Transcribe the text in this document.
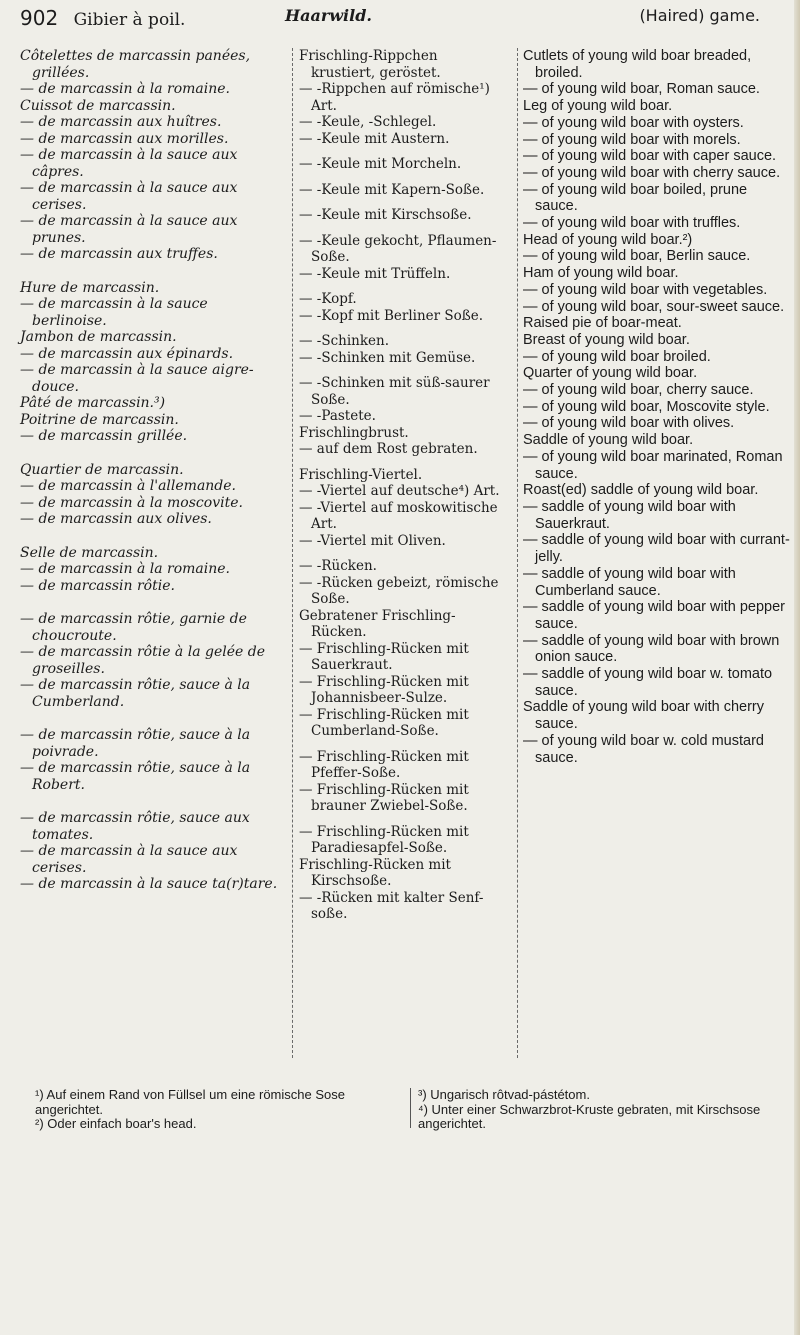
902 Gibier à poil.	Haarwild.	(Haired) game.

Côtelettes de marcassin panées, grillées.

— de marcassin à la romaine.

Cuissot de marcassin.

— de marcassin aux huîtres.

— de marcassin aux morilles.

— de marcassin à la sauce aux câpres.

— de marcassin à la sauce aux cerises.

— de marcassin à la sauce aux prunes.

— de marcassin aux truffes.

Hure de marcassin.

— de marcassin à la sauce berlinoise.

Jambon de marcassin.

— de marcassin aux épinards.

— de marcassin à la sauce aigre-douce.

Pâté de marcassin.³)

Poitrine de marcassin.

— de marcassin grillée.

Quartier de marcassin.

— de marcassin à l'allemande.

— de marcassin à la moscovite.

— de marcassin aux olives.

Selle de marcassin.

— de marcassin à la romaine.

— de marcassin rôtie.

— de marcassin rôtie, garnie de choucroute.

— de marcassin rôtie à la gelée de groseilles.

— de marcassin rôtie, sauce à la Cumberland.

— de marcassin rôtie, sauce à la poivrade.

— de marcassin rôtie, sauce à la Robert.

— de marcassin rôtie, sauce aux tomates.

— de marcassin à la sauce aux cerises.

— de marcassin à la sauce ta(r)tare.

Frischling-Rippchen krustiert, geröstet.

— -Rippchen auf römische¹) Art.

— -Keule, -Schlegel.

— -Keule mit Austern.

— -Keule mit Morcheln.

— -Keule mit Kapern-Soße.

— -Keule mit Kirschsoße.

— -Keule gekocht, Pflaumen-Soße.

— -Keule mit Trüffeln.

— -Kopf.

— -Kopf mit Berliner Soße.

— -Schinken.

— -Schinken mit Gemüse.

— -Schinken mit süß-saurer Soße.

— -Pastete.

Frischlingbrust.

— auf dem Rost gebraten.

Frischling-Viertel.

— -Viertel auf deutsche⁴) Art.

— -Viertel auf moskowitische Art.

— -Viertel mit Oliven.

— -Rücken.

— -Rücken gebeizt, römische Soße.

Gebratener Frischling-Rücken.

— Frischling-Rücken mit Sauerkraut.

— Frischling-Rücken mit Johannisbeer-Sulze.

— Frischling-Rücken mit Cumberland-Soße.

— Frischling-Rücken mit Pfeffer-Soße.

— Frischling-Rücken mit brauner Zwiebel-Soße.

— Frischling-Rücken mit Paradiesapfel-Soße.

Frischling-Rücken mit Kirschsoße.

— -Rücken mit kalter Senf-soße.

Cutlets of young wild boar breaded, broiled.

— of young wild boar, Roman sauce.

Leg of young wild boar.

— of young wild boar with oysters.

— of young wild boar with morels.

— of young wild boar with caper sauce.

— of young wild boar with cherry sauce.

— of young wild boar boiled, prune sauce.

— of young wild boar with truffles.

Head of young wild boar.²)

— of young wild boar, Berlin sauce.

Ham of young wild boar.

— of young wild boar with vegetables.

— of young wild boar, sour-sweet sauce.

Raised pie of boar-meat.

Breast of young wild boar.

— of young wild boar broiled.

Quarter of young wild boar.

— of young wild boar, cherry sauce.

— of young wild boar, Moscovite style.

— of young wild boar with olives.

Saddle of young wild boar.

— of young wild boar marinated, Roman sauce.

Roast(ed) saddle of young wild boar.

— saddle of young wild boar with Sauerkraut.

— saddle of young wild boar with currant-jelly.

— saddle of young wild boar with Cumberland sauce.

— saddle of young wild boar with pepper sauce.

— saddle of young wild boar with brown onion sauce.

— saddle of young wild boar w. tomato sauce.

Saddle of young wild boar with cherry sauce.

— of young wild boar w. cold mustard sauce.

¹) Auf einem Rand von Füllsel um eine römische Sose angerichtet.

²) Oder einfach boar's head.

³) Ungarisch rôtvad-pástétom.

⁴) Unter einer Schwarzbrot-Kruste gebraten, mit Kirschsose angerichtet.
